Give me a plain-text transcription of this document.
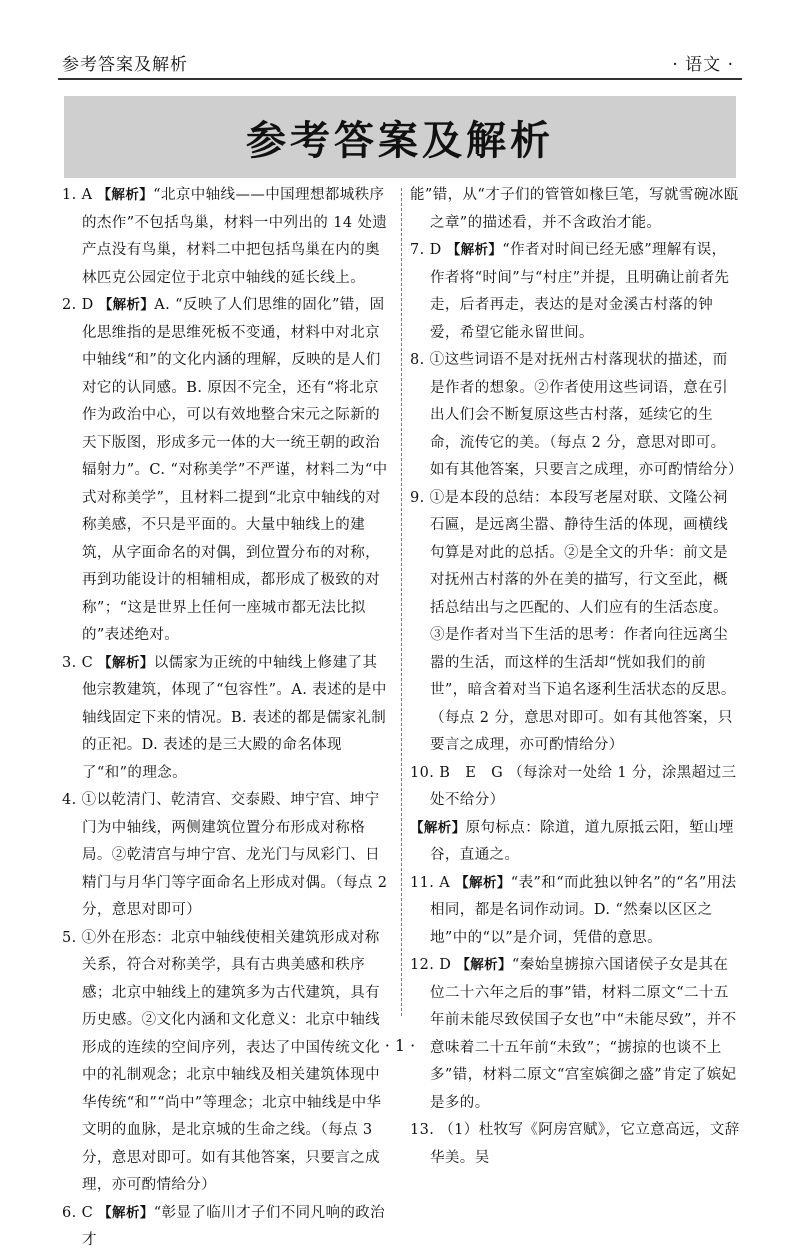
参考答案及解析	· 语文 ·
参考答案及解析

1. A 【解析】“北京中轴线——中国理想都城秩序的杰作”不包括鸟巢，材料一中列出的 14 处遗产点没有鸟巢，材料二中把包括鸟巢在内的奥林匹克公园定位于北京中轴线的延长线上。

2. D 【解析】A. “反映了人们思维的固化”错，固化思维指的是思维死板不变通，材料中对北京中轴线“和”的文化内涵的理解，反映的是人们对它的认同感。B. 原因不完全，还有“将北京作为政治中心，可以有效地整合宋元之际新的天下版图，形成多元一体的大一统王朝的政治辐射力”。C. “对称美学”不严谨，材料二为“中式对称美学”，且材料二提到“北京中轴线的对称美感，不只是平面的。大量中轴线上的建筑，从字面命名的对偶，到位置分布的对称，再到功能设计的相辅相成，都形成了极致的对称”；“这是世界上任何一座城市都无法比拟的”表述绝对。

3. C 【解析】以儒家为正统的中轴线上修建了其他宗教建筑，体现了“包容性”。A. 表述的是中轴线固定下来的情况。B. 表述的都是儒家礼制的正祀。D. 表述的是三大殿的命名体现了“和”的理念。

4. ①以乾清门、乾清宫、交泰殿、坤宁宫、坤宁门为中轴线，两侧建筑位置分布形成对称格局。②乾清宫与坤宁宫、龙光门与凤彩门、日精门与月华门等字面命名上形成对偶。（每点 2 分，意思对即可）

5. ①外在形态：北京中轴线使相关建筑形成对称关系，符合对称美学，具有古典美感和秩序感；北京中轴线上的建筑多为古代建筑，具有历史感。②文化内涵和文化意义：北京中轴线形成的连续的空间序列，表达了中国传统文化中的礼制观念；北京中轴线及相关建筑体现中华传统“和”“尚中”等理念；北京中轴线是中华文明的血脉，是北京城的生命之线。（每点 3 分，意思对即可。如有其他答案，只要言之成理，亦可酌情给分）

6. C 【解析】“彰显了临川才子们不同凡响的政治才

能”错，从“才子们的管管如椽巨笔，写就雪碗冰瓯之章”的描述看，并不含政治才能。

7. D 【解析】“作者对时间已经无感”理解有误，作者将“时间”与“村庄”并提，且明确让前者先走，后者再走，表达的是对金溪古村落的钟爱，希望它能永留世间。

8. ①这些词语不是对抚州古村落现状的描述，而是作者的想象。②作者使用这些词语，意在引出人们会不断复原这些古村落，延续它的生命，流传它的美。（每点 2 分，意思对即可。如有其他答案，只要言之成理，亦可酌情给分）

9. ①是本段的总结：本段写老屋对联、文隆公祠石匾，是远离尘嚣、静待生活的体现，画横线句算是对此的总括。②是全文的升华：前文是对抚州古村落的外在美的描写，行文至此，概括总结出与之匹配的、人们应有的生活态度。③是作者对当下生活的思考：作者向往远离尘嚣的生活，而这样的生活却“恍如我们的前世”，暗含着对当下追名逐利生活状态的反思。（每点 2 分，意思对即可。如有其他答案，只要言之成理，亦可酌情给分）

10. B　E　G （每涂对一处给 1 分，涂黑超过三处不给分）

【解析】原句标点：除道，道九原抵云阳，堑山堙谷，直通之。

11. A 【解析】“表”和“而此独以钟名”的“名”用法相同，都是名词作动词。D. “然秦以区区之地”中的“以”是介词，凭借的意思。

12. D 【解析】“秦始皇掳掠六国诸侯子女是其在位二十六年之后的事”错，材料二原文“二十五年前未能尽致侯国子女也”中“未能尽致”，并不意味着二十五年前“未致”；“掳掠的也谈不上多”错，材料二原文“宫室嫔御之盛”肯定了嫔妃是多的。

13. （1）杜牧写《阿房宫赋》，它立意高远，文辞华美。吴

· 1 ·
